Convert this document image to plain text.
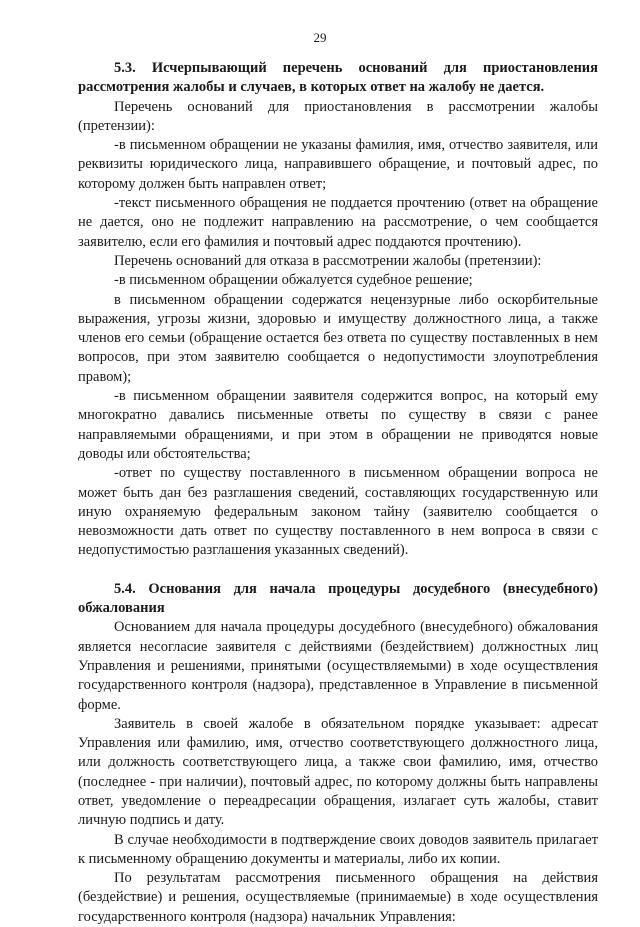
29
5.3. Исчерпывающий перечень оснований для приостановления рассмотрения жалобы и случаев, в которых ответ на жалобу не дается.

Перечень оснований для приостановления в рассмотрении жалобы (претензии):

-в письменном обращении не указаны фамилия, имя, отчество заявителя, или реквизиты юридического лица, направившего обращение, и почтовый адрес, по которому должен быть направлен ответ;

-текст письменного обращения не поддается прочтению (ответ на обращение не дается, оно не подлежит направлению на рассмотрение, о чем сообщается заявителю, если его фамилия и почтовый адрес поддаются прочтению).

Перечень оснований для отказа в рассмотрении жалобы (претензии):

-в письменном обращении обжалуется судебное решение;

в письменном обращении содержатся нецензурные либо оскорбительные выражения, угрозы жизни, здоровью и имуществу должностного лица, а также членов его семьи (обращение остается без ответа по существу поставленных в нем вопросов, при этом заявителю сообщается о недопустимости злоупотребления правом);

-в письменном обращении заявителя содержится вопрос, на который ему многократно давались письменные ответы по существу в связи с ранее направляемыми обращениями, и при этом в обращении не приводятся новые доводы или обстоятельства;

-ответ по существу поставленного в письменном обращении вопроса не может быть дан без разглашения сведений, составляющих государственную или иную охраняемую федеральным законом тайну (заявителю сообщается о невозможности дать ответ по существу поставленного в нем вопроса в связи с недопустимостью разглашения указанных сведений).

5.4. Основания для начала процедуры досудебного (внесудебного) обжалования

Основанием для начала процедуры досудебного (внесудебного) обжалования является несогласие заявителя с действиями (бездействием) должностных лиц Управления и решениями, принятыми (осуществляемыми) в ходе осуществления государственного контроля (надзора), представленное в Управление в письменной форме.

Заявитель в своей жалобе в обязательном порядке указывает: адресат Управления или фамилию, имя, отчество соответствующего должностного лица, или должность соответствующего лица, а также свои фамилию, имя, отчество (последнее - при наличии), почтовый адрес, по которому должны быть направлены ответ, уведомление о переадресации обращения, излагает суть жалобы, ставит личную подпись и дату.

В случае необходимости в подтверждение своих доводов заявитель прилагает к письменному обращению документы и материалы, либо их копии.

По результатам рассмотрения письменного обращения на действия (бездействие) и решения, осуществляемые (принимаемые) в ходе осуществления государственного контроля (надзора) начальник Управления:
